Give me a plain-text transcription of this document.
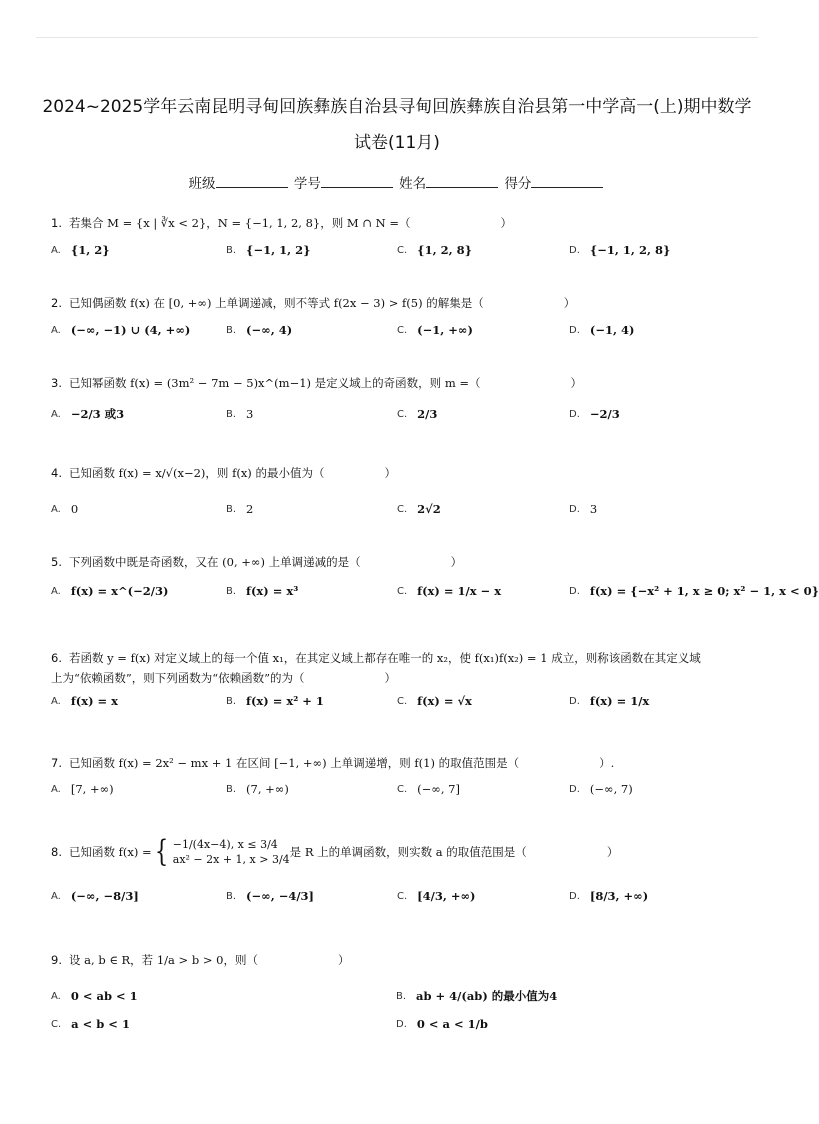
2024~2025学年云南昆明寻甸回族彝族自治县寻甸回族彝族自治县第一中学高一(上)期中数学
试卷(11月)
班级	学号	姓名	得分
1. 若集合 M = {x | ∛x < 2}，N = {−1, 1, 2, 8}，则 M ∩ N =（	）
A. {1, 2}	B. {−1, 1, 2}	C. {1, 2, 8}	D. {−1, 1, 2, 8}
2. 已知偶函数 f(x) 在 [0, +∞) 上单调递减，则不等式 f(2x − 3) > f(5) 的解集是（	）
A. (−∞, −1) ∪ (4, +∞)	B. (−∞, 4)	C. (−1, +∞)	D. (−1, 4)
3. 已知幂函数 f(x) = (3m² − 7m − 5)x^(m−1) 是定义域上的奇函数，则 m =（	）
A. −2/3 或3	B. 3	C. 2/3	D. −2/3
4. 已知函数 f(x) = x/√(x−2)，则 f(x) 的最小值为（	）
A. 0	B. 2	C. 2√2	D. 3
5. 下列函数中既是奇函数，又在 (0, +∞) 上单调递减的是（	）
A. f(x) = x^(−2/3)	B. f(x) = x³	C. f(x) = 1/x − x	D. f(x) = {−x² + 1, x ≥ 0; x² − 1, x < 0}
6. 若函数 y = f(x) 对定义域上的每一个值 x₁，在其定义域上都存在唯一的 x₂，使 f(x₁)f(x₂) = 1 成立，则称该函数在其定义域
上为“依赖函数”，则下列函数为“依赖函数”的为（	）
A. f(x) = x	B. f(x) = x² + 1	C. f(x) = √x	D. f(x) = 1/x
7. 已知函数 f(x) = 2x² − mx + 1 在区间 [−1, +∞) 上单调递增，则 f(1) 的取值范围是（	）.
A. [7, +∞)	B. (7, +∞)	C. (−∞, 7]	D. (−∞, 7)
8. 已知函数 f(x) = { −1/(4x−4), x ≤ 3/4
ax² − 2x + 1, x > 3/4
是 R 上的单调函数，则实数 a 的取值范围是（	）
A. (−∞, −8/3]	B. (−∞, −4/3]	C. [4/3, +∞)	D. [8/3, +∞)
9. 设 a, b ∈ R，若 1/a > b > 0，则（	）
A. 0 < ab < 1	B. ab + 4/(ab) 的最小值为4
C. a < b < 1	D. 0 < a < 1/b
